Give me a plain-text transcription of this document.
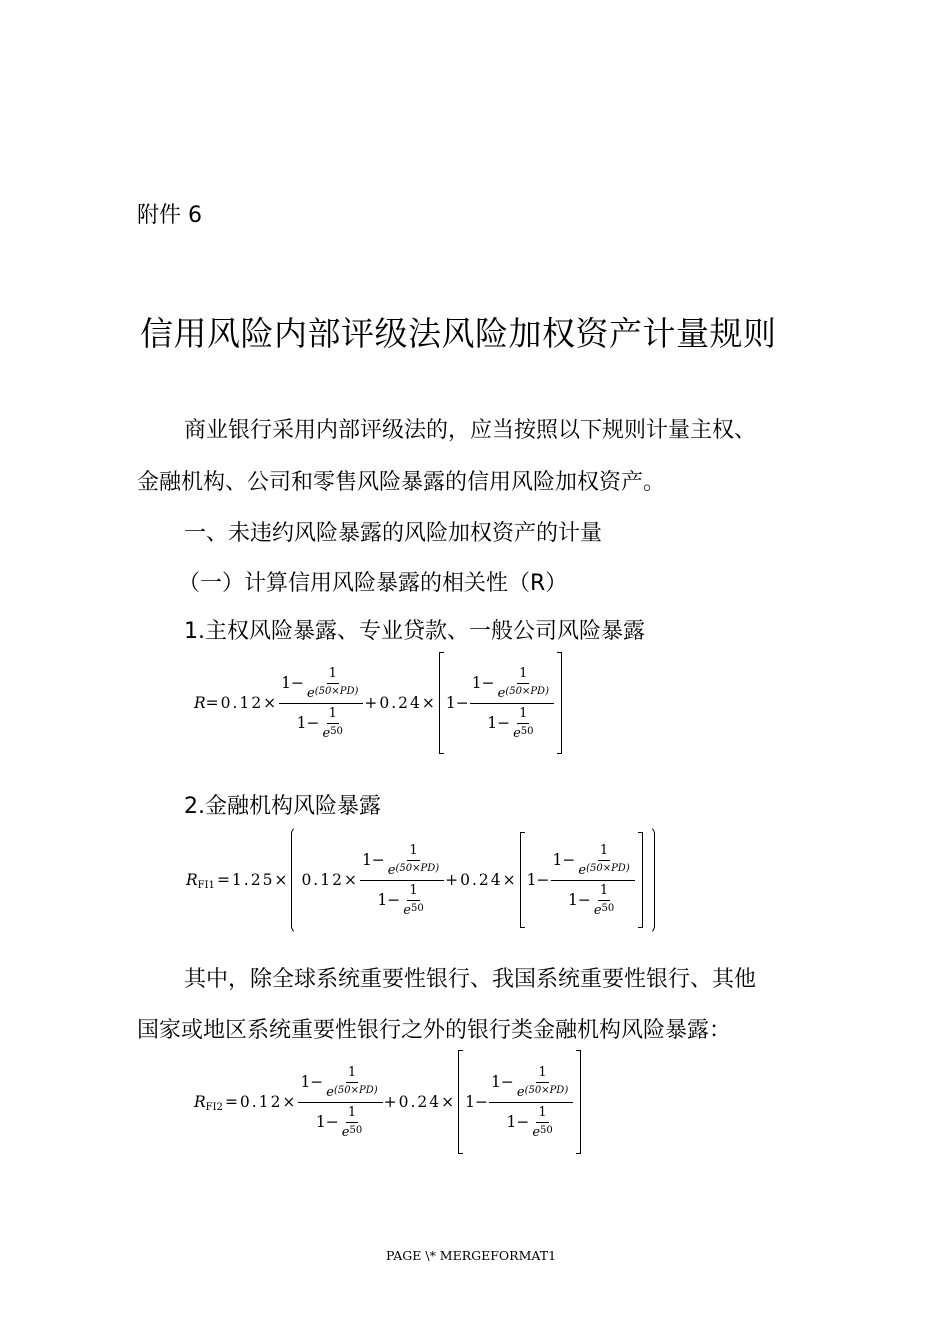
附件 6
信用风险内部评级法风险加权资产计量规则
商业银行采用内部评级法的，应当按照以下规则计量主权、
金融机构、公司和零售风险暴露的信用风险加权资产。
一、未违约风险暴露的风险加权资产的计量
（一）计算信用风险暴露的相关性（R）
1.主权风险暴露、专业贷款、一般公司风险暴露
$R = 0.12\times \frac{1- \frac{1}{e (50\times PD)}}{1- \frac{1}{e 50}} +0.24\times 1- \frac{1- \frac{1}{e (50\times PD)}}{1- \frac{1}{e 50}}$
2.金融机构风险暴露
R $FI1 =1.25\times 0.12\times \frac{1- \frac{1}{e (50\times PD)}}{1- \frac{1}{e 50}} +0.24\times 1- \frac{1- \frac{1}{e (50\times PD)}}{1- \frac{1}{e 50}}$
其中，除全球系统重要性银行、我国系统重要性银行、其他
国家或地区系统重要性银行之外的银行类金融机构风险暴露：
R $FI2 =0.12\times \frac{1- \frac{1}{e (50\times PD)}}{1- \frac{1}{e 50}} +0.24\times 1- \frac{1- \frac{1}{e (50\times PD)}}{1- \frac{1}{e 50}}$
PAGE \* MERGEFORMAT1
